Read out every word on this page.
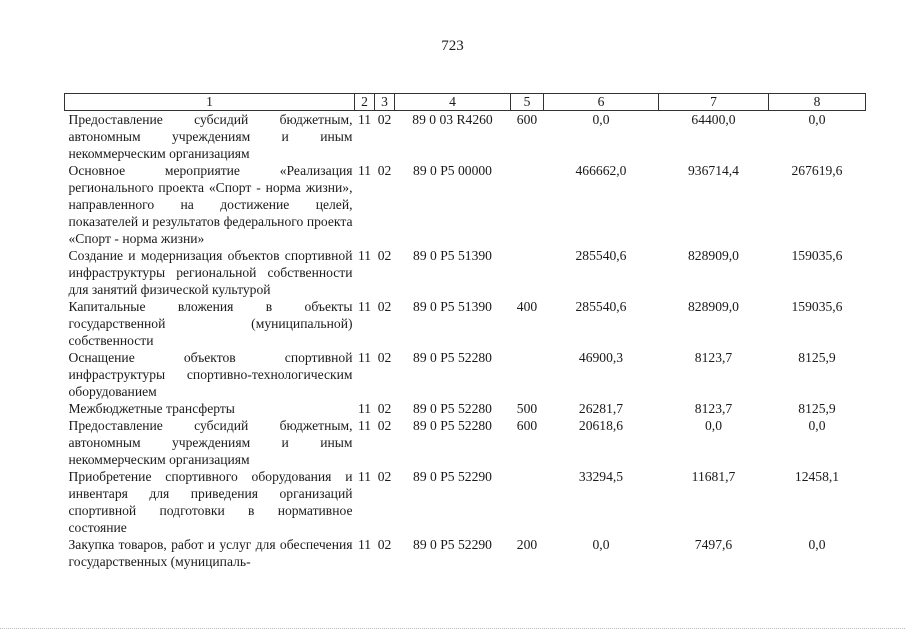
723
1	2	3	4	5	6	7	8
Предоставление субсидий бюджетным, автономным учреждениям и иным некоммерческим организациям	11	02	89 0 03 R4260	600	0,0	64400,0	0,0
Основное мероприятие «Реализация регионального проекта «Спорт - норма жизни», направленного на достижение целей, показателей и результатов федерального проекта «Спорт - норма жизни»	11	02	89 0 P5 00000		466662,0	936714,4	267619,6
Создание и модернизация объектов спортивной инфраструктуры региональной собственности для занятий физической культурой	11	02	89 0 P5 51390		285540,6	828909,0	159035,6
Капитальные вложения в объекты государственной (муниципальной) собственности	11	02	89 0 P5 51390	400	285540,6	828909,0	159035,6
Оснащение объектов спортивной инфраструктуры спортивно-технологическим оборудованием	11	02	89 0 P5 52280		46900,3	8123,7	8125,9
Межбюджетные трансферты	11	02	89 0 P5 52280	500	26281,7	8123,7	8125,9
Предоставление субсидий бюджетным, автономным учреждениям и иным некоммерческим организациям	11	02	89 0 P5 52280	600	20618,6	0,0	0,0
Приобретение спортивного оборудования и инвентаря для приведения организаций спортивной подготовки в нормативное состояние	11	02	89 0 P5 52290		33294,5	11681,7	12458,1
Закупка товаров, работ и услуг для обеспечения государственных (муниципаль-	11	02	89 0 P5 52290	200	0,0	7497,6	0,0
